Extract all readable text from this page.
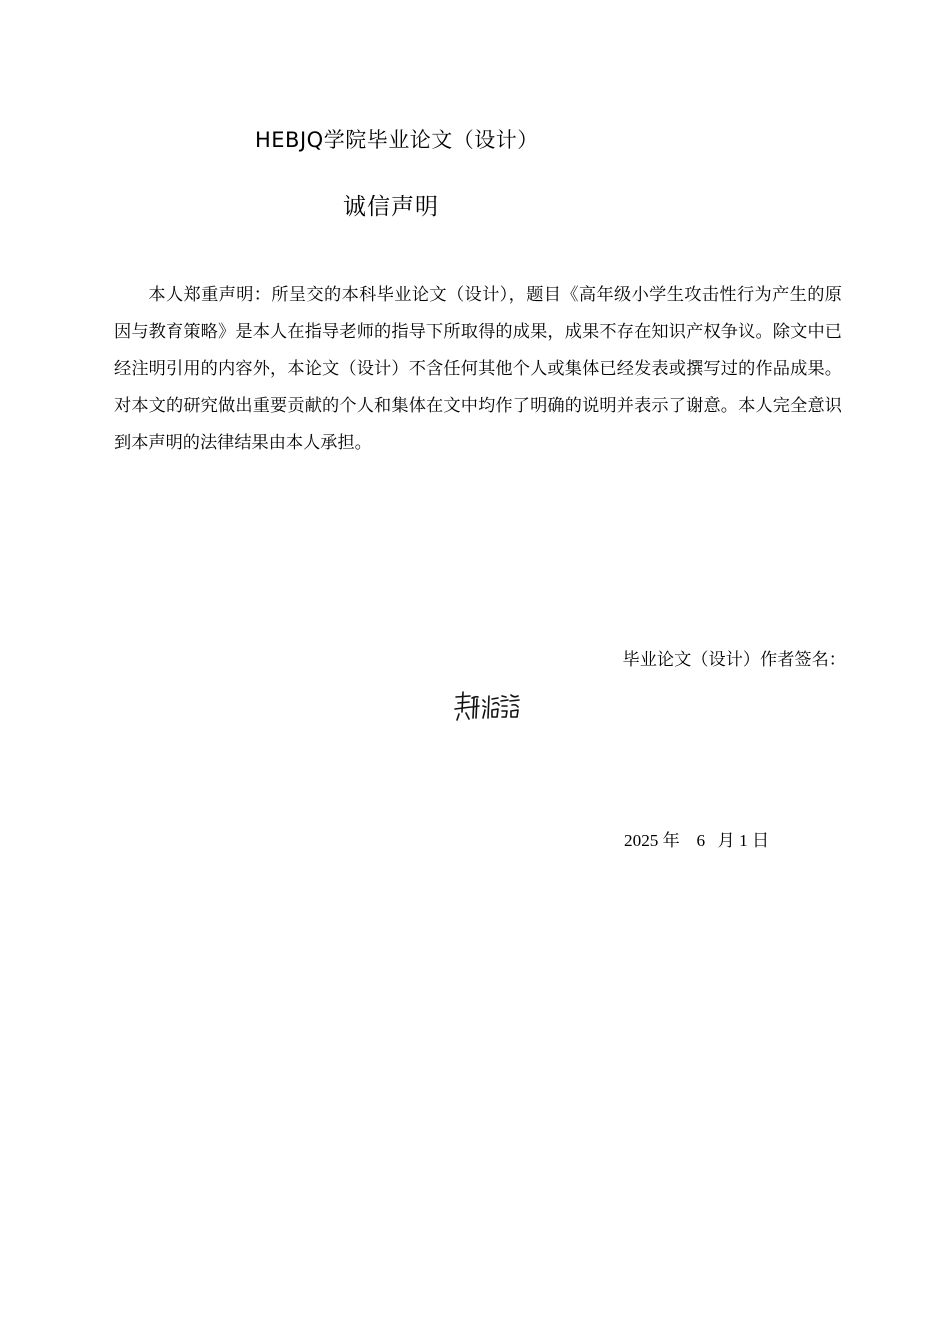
HEBJQ学院毕业论文（设计）
诚信声明

本人郑重声明：所呈交的本科毕业论文（设计），题目《高年级小学生攻击性行为产生的原因与教育策略》是本人在指导老师的指导下所取得的成果，成果不存在知识产权争议。除文中已经注明引用的内容外，本论文（设计）不含任何其他个人或集体已经发表或撰写过的作品成果。对本文的研究做出重要贡献的个人和集体在文中均作了明确的说明并表示了谢意。本人完全意识到本声明的法律结果由本人承担。

毕业论文（设计）作者签名：
2025 年 6 月 1 日
